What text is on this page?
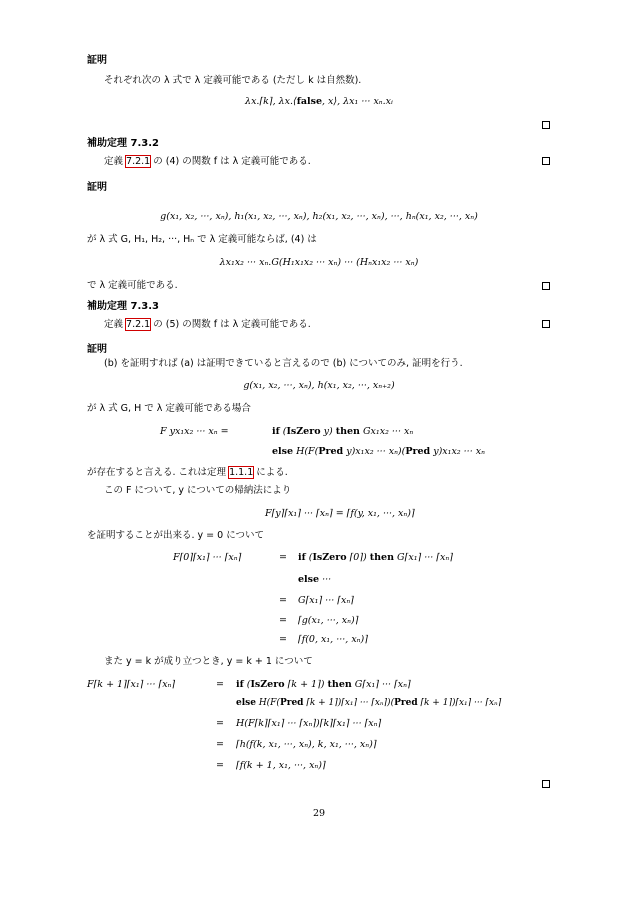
証明
それぞれ次の λ 式で λ 定義可能である (ただし k は自然数).
λx.⌈k⌉, λx.⟨false, x⟩, λx₁ ··· xₙ.xᵢ
補助定理 7.3.2
定義 7.2.1 の (4) の関数 f は λ 定義可能である.
証明
g(x₁, x₂, ···, xₙ), h₁(x₁, x₂, ···, xₙ), h₂(x₁, x₂, ···, xₙ), ···, hₙ(x₁, x₂, ···, xₙ)
が λ 式 G, H₁, H₂, ···, Hₙ で λ 定義可能ならば, (4) は
λx₁x₂ ··· xₙ.G(H₁x₁x₂ ··· xₙ) ··· (Hₙx₁x₂ ··· xₙ)
で λ 定義可能である.
補助定理 7.3.3
定義 7.2.1 の (5) の関数 f は λ 定義可能である.
証明
(b) を証明すれば (a) は証明できていると言えるので (b) についてのみ, 証明を行う.
g(x₁, x₂, ···, xₙ), h(x₁, x₂, ···, xₙ₊₂)
が λ 式 G, H で λ 定義可能である場合
F yx₁x₂ ··· xₙ =	if (IsZero y) then Gx₁x₂ ··· xₙ
else H(F(Pred y)x₁x₂ ··· xₙ)(Pred y)x₁x₂ ··· xₙ
が存在すると言える. これは定理 1.1.1 による.
この F について, y についての帰納法により
F⌈y⌉⌈x₁⌉ ··· ⌈xₙ⌉ = ⌈f(y, x₁, ···, xₙ)⌉
を証明することが出来る. y = 0 について
F⌈0⌉⌈x₁⌉ ··· ⌈xₙ⌉	= if (IsZero ⌈0⌉) then G⌈x₁⌉ ··· ⌈xₙ⌉
else ···
= G⌈x₁⌉ ··· ⌈xₙ⌉
= ⌈g(x₁, ···, xₙ)⌉
= ⌈f(0, x₁, ···, xₙ)⌉
また y = k が成り立つとき, y = k + 1 について
F⌈k + 1⌉⌈x₁⌉ ··· ⌈xₙ⌉	= if (IsZero ⌈k + 1⌉) then G⌈x₁⌉ ··· ⌈xₙ⌉
else H(F(Pred ⌈k + 1⌉)⌈x₁⌉ ··· ⌈xₙ⌉)(Pred ⌈k + 1⌉)⌈x₁⌉ ··· ⌈xₙ⌉
= H(F⌈k⌉⌈x₁⌉ ··· ⌈xₙ⌉)⌈k⌉⌈x₁⌉ ··· ⌈xₙ⌉
= ⌈h(f(k, x₁, ···, xₙ), k, x₁, ···, xₙ)⌉
= ⌈f(k + 1, x₁, ···, xₙ)⌉
29
